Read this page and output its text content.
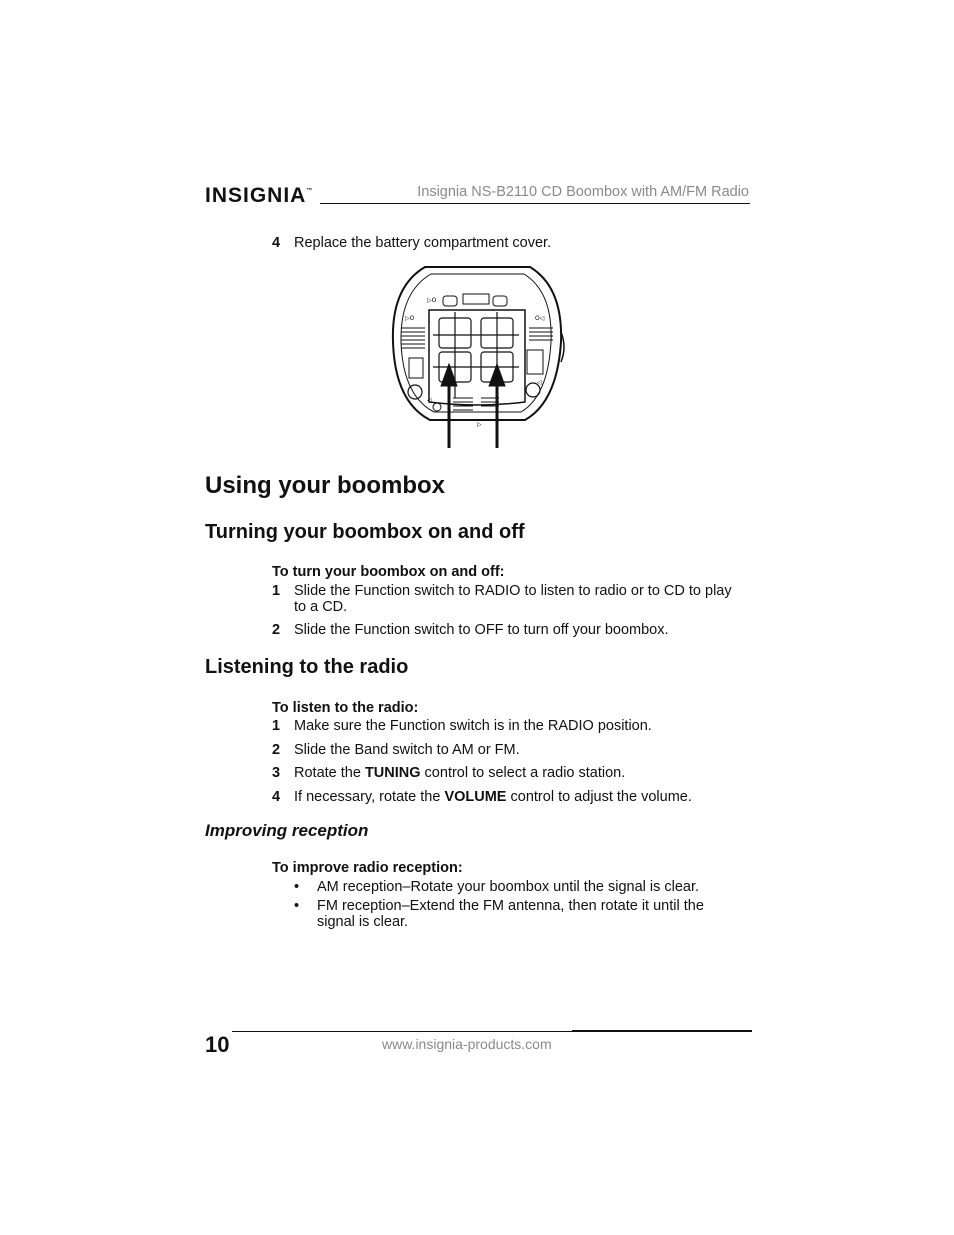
INSIGNIA™	Insignia NS-B2110 CD Boombox with AM/FM Radio
4 Replace the battery compartment cover.
▷O
▷O	O◁
◁
◁
▷
Using your boombox
Turning your boombox on and off
To turn your boombox on and off:
1 Slide the Function switch to RADIO to listen to radio or to CD to play to a CD.
2 Slide the Function switch to OFF to turn off your boombox.
Listening to the radio
To listen to the radio:
1 Make sure the Function switch is in the RADIO position.
2 Slide the Band switch to AM or FM.
3 Rotate the TUNING control to select a radio station.
4 If necessary, rotate the VOLUME control to adjust the volume.
Improving reception
To improve radio reception:
• AM reception–Rotate your boombox until the signal is clear.
• FM reception–Extend the FM antenna, then rotate it until the signal is clear.
10	www.insignia-products.com
